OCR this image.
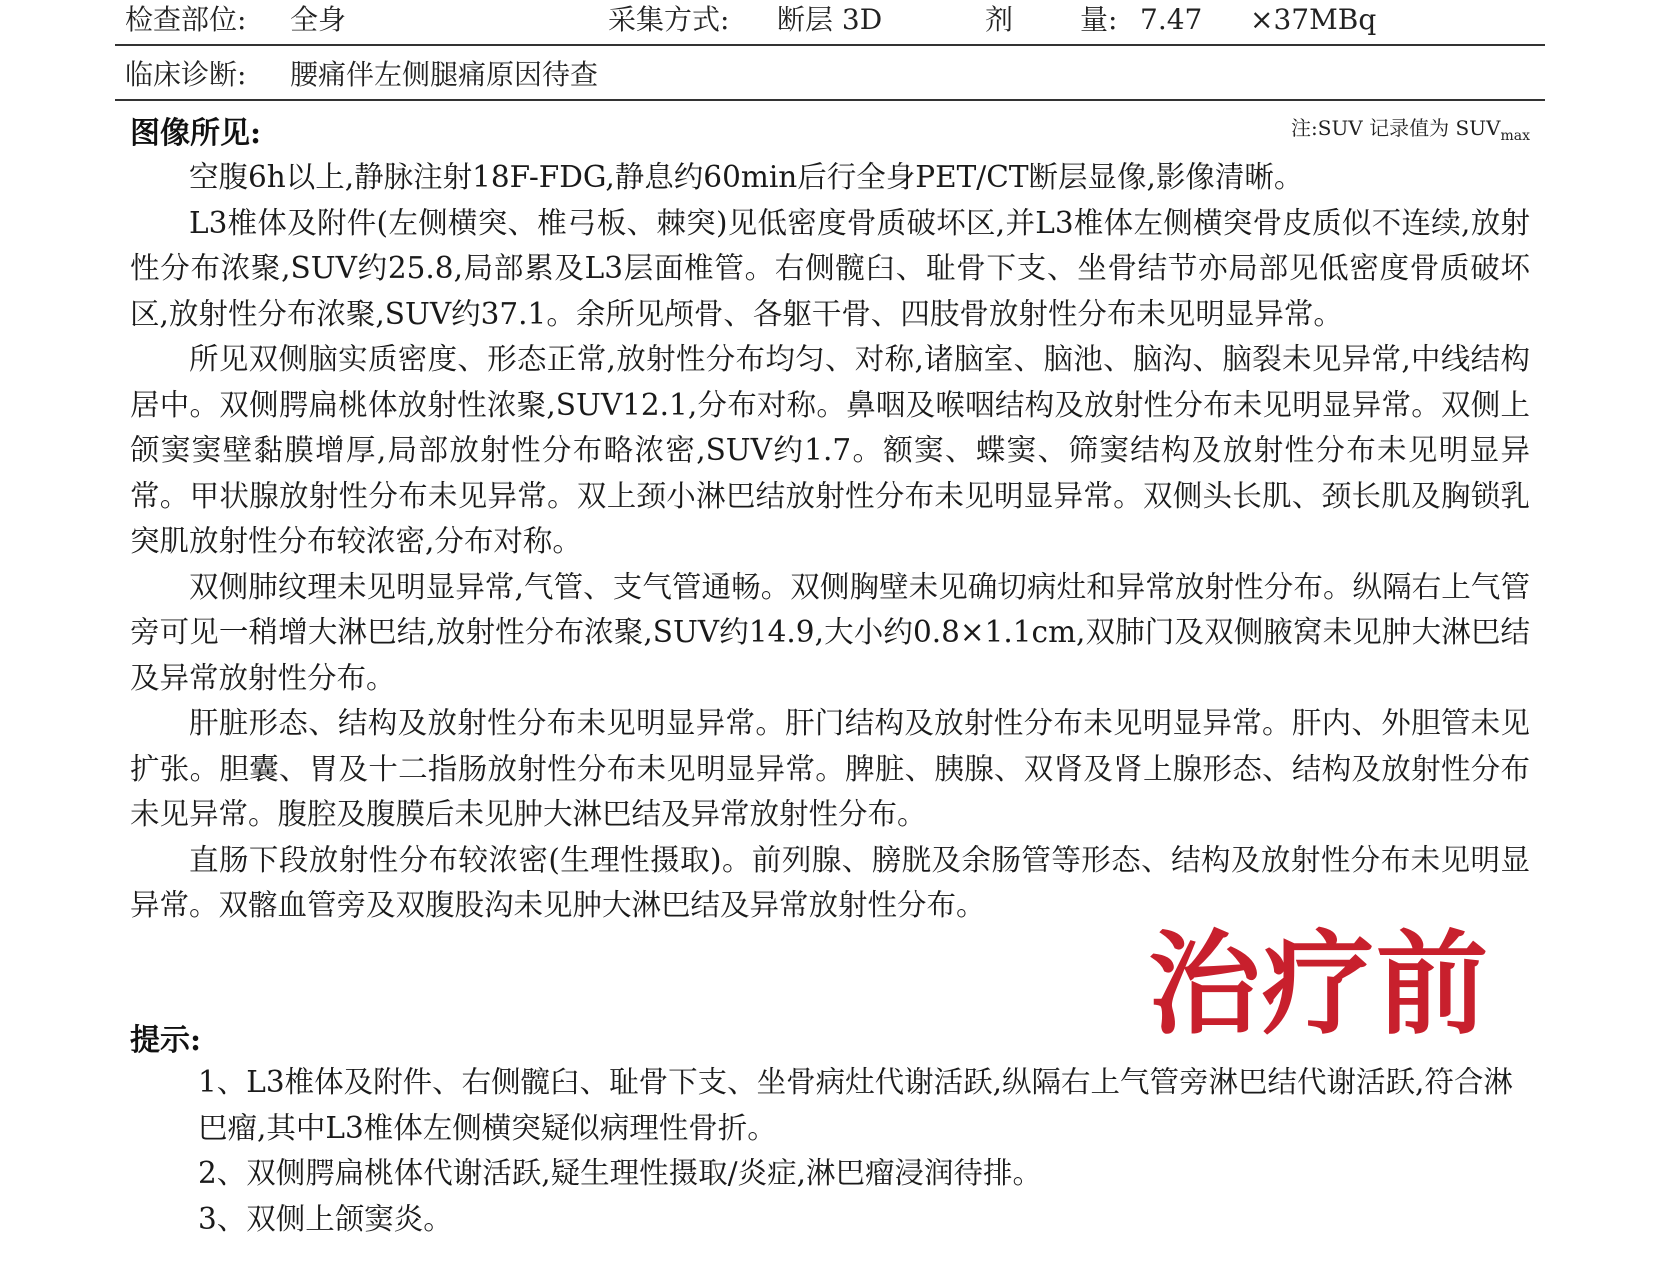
检查部位: 全身	采集方式: 断层 3D	剂 量: 7.47 ×37MBq
临床诊断: 腰痛伴左侧腿痛原因待查
图像所见:	注:SUV 记录值为 $SUV_{max}$

空腹6h以上,静脉注射18F-FDG,静息约60min后行全身PET/CT断层显像,影像清晰。

L3椎体及附件(左侧横突、椎弓板、棘突)见低密度骨质破坏区,并L3椎体左侧横突骨皮质似不连续,放射性分布浓聚,SUV约25.8,局部累及L3层面椎管。右侧髋臼、耻骨下支、坐骨结节亦局部见低密度骨质破坏区,放射性分布浓聚,SUV约37.1。余所见颅骨、各躯干骨、四肢骨放射性分布未见明显异常。

所见双侧脑实质密度、形态正常,放射性分布均匀、对称,诸脑室、脑池、脑沟、脑裂未见异常,中线结构居中。双侧腭扁桃体放射性浓聚,SUV12.1,分布对称。鼻咽及喉咽结构及放射性分布未见明显异常。双侧上颌窦窦壁黏膜增厚,局部放射性分布略浓密,SUV约1.7。额窦、蝶窦、筛窦结构及放射性分布未见明显异常。甲状腺放射性分布未见异常。双上颈小淋巴结放射性分布未见明显异常。双侧头长肌、颈长肌及胸锁乳突肌放射性分布较浓密,分布对称。

双侧肺纹理未见明显异常,气管、支气管通畅。双侧胸壁未见确切病灶和异常放射性分布。纵隔右上气管旁可见一稍增大淋巴结,放射性分布浓聚,SUV约14.9,大小约0.8×1.1cm,双肺门及双侧腋窝未见肿大淋巴结及异常放射性分布。

肝脏形态、结构及放射性分布未见明显异常。肝门结构及放射性分布未见明显异常。肝内、外胆管未见扩张。胆囊、胃及十二指肠放射性分布未见明显异常。脾脏、胰腺、双肾及肾上腺形态、结构及放射性分布未见异常。腹腔及腹膜后未见肿大淋巴结及异常放射性分布。

直肠下段放射性分布较浓密(生理性摄取)。前列腺、膀胱及余肠管等形态、结构及放射性分布未见明显异常。双髂血管旁及双腹股沟未见肿大淋巴结及异常放射性分布。

治疗前
提示:

1、L3椎体及附件、右侧髋臼、耻骨下支、坐骨病灶代谢活跃,纵隔右上气管旁淋巴结代谢活跃,符合淋巴瘤,其中L3椎体左侧横突疑似病理性骨折。

2、双侧腭扁桃体代谢活跃,疑生理性摄取/炎症,淋巴瘤浸润待排。

3、双侧上颌窦炎。
